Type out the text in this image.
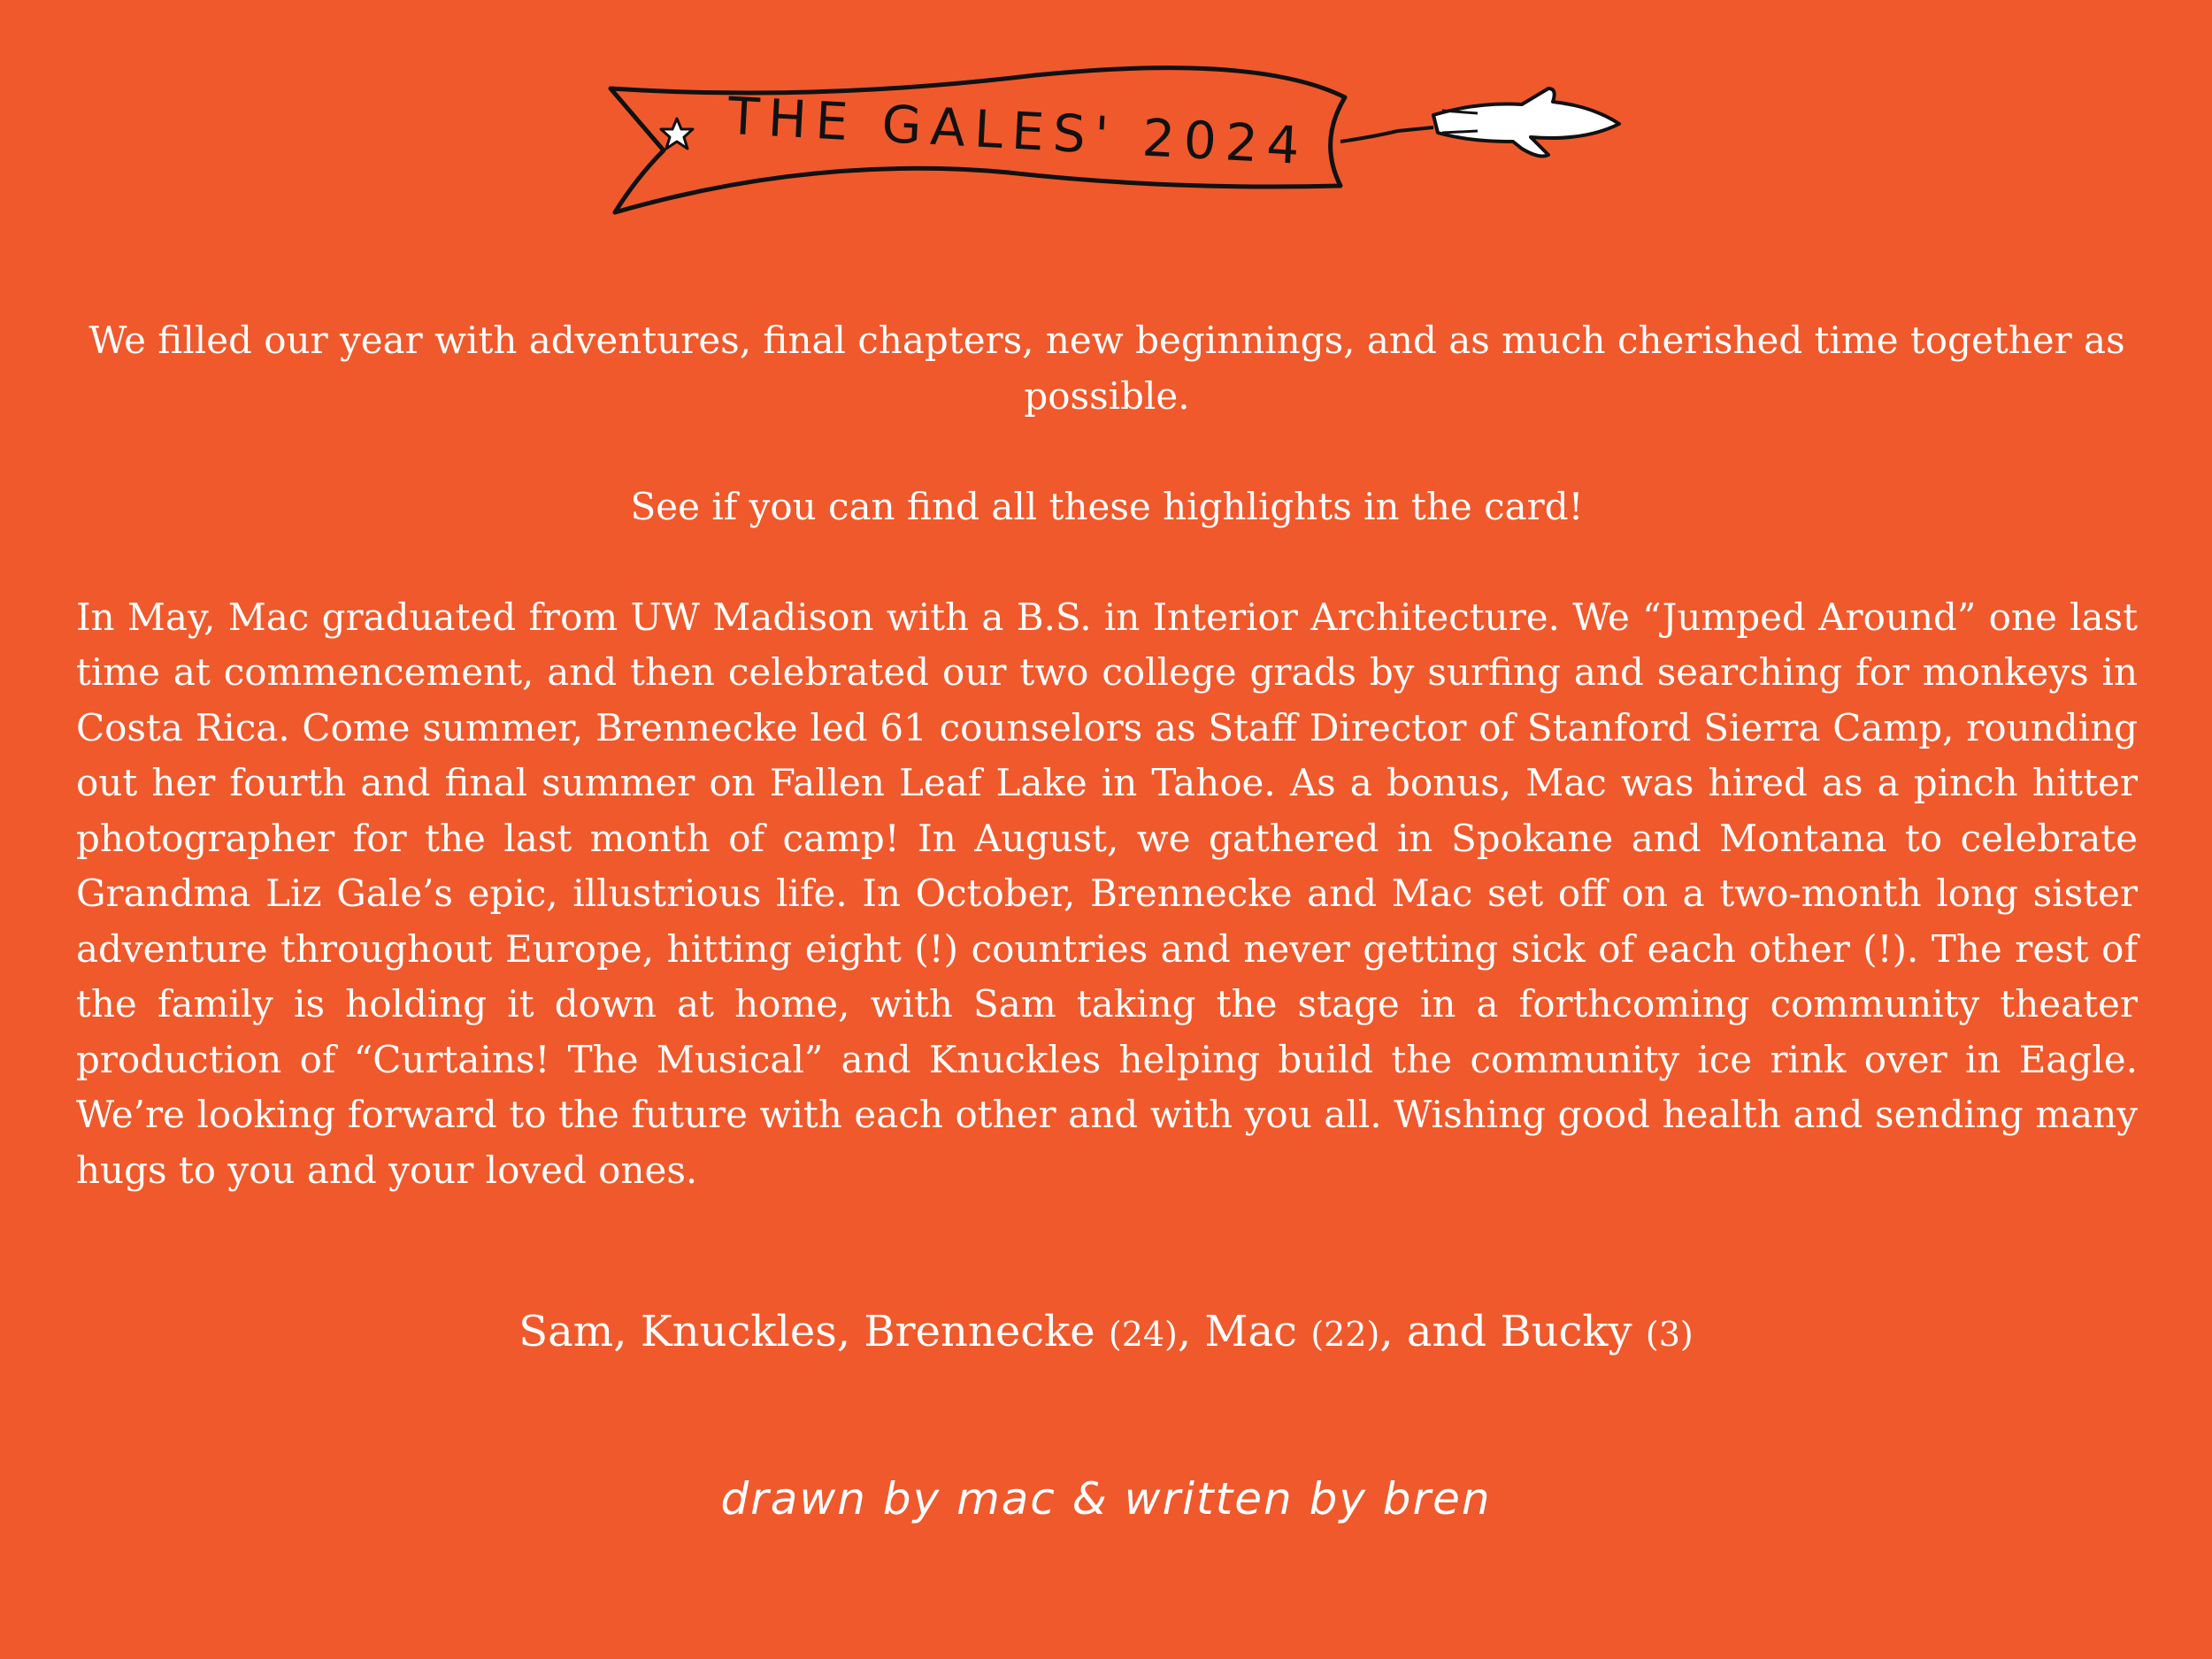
THE GALES' 2024

We filled our year with adventures, final chapters, new beginnings, and as much cherished time together as possible.

See if you can find all these highlights in the card!

In May, Mac graduated from UW Madison with a B.S. in Interior Architecture. We “Jumped Around” one last time at commencement, and then celebrated our two college grads by surfing and searching for monkeys in Costa Rica. Come summer, Brennecke led 61 counselors as Staff Director of Stanford Sierra Camp, rounding out her fourth and final summer on Fallen Leaf Lake in Tahoe. As a bonus, Mac was hired as a pinch hitter photographer for the last month of camp! In August, we gathered in Spokane and Montana to celebrate Grandma Liz Gale’s epic, illustrious life. In October, Brennecke and Mac set off on a two-month long sister adventure throughout Europe, hitting eight (!) countries and never getting sick of each other (!). The rest of the family is holding it down at home, with Sam taking the stage in a forthcoming community theater production of “Curtains! The Musical” and Knuckles helping build the community ice rink over in Eagle. We’re looking forward to the future with each other and with you all. Wishing good health and sending many hugs to you and your loved ones.

Sam, Knuckles, Brennecke (24), Mac (22), and Bucky (3)
drawn by mac & written by bren
